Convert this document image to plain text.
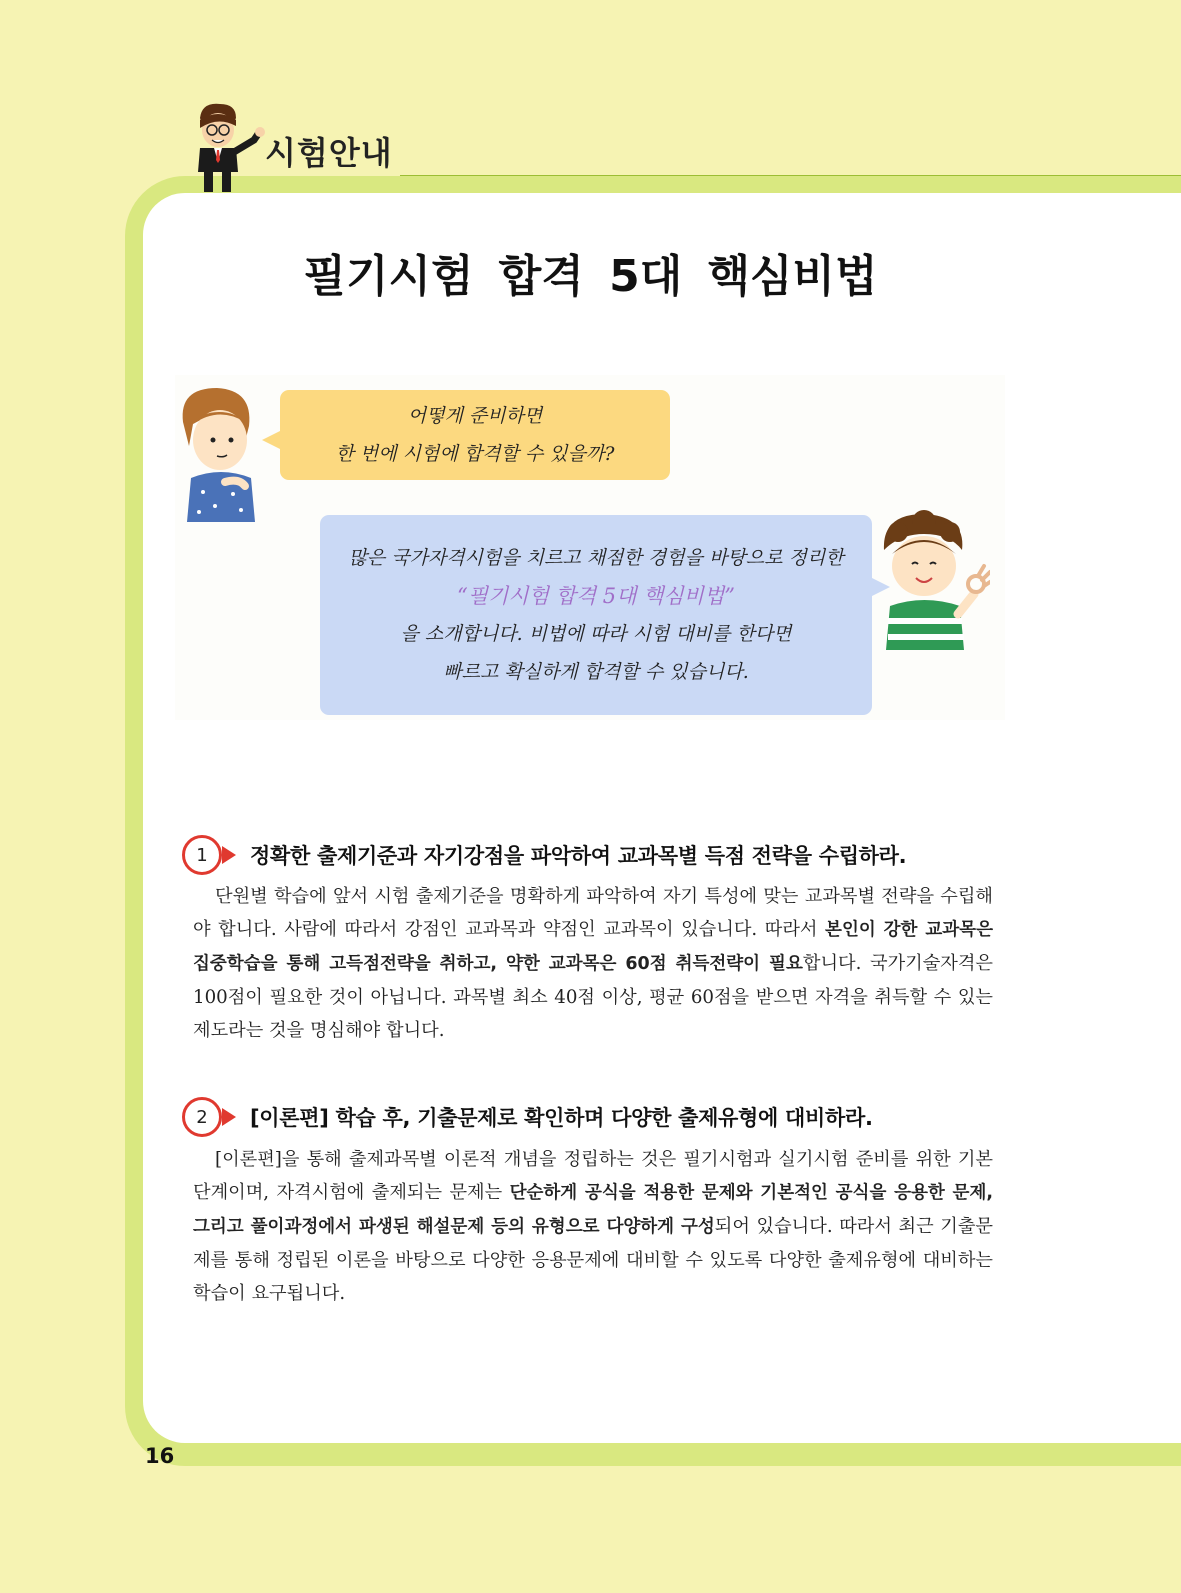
시험안내
필기시험 합격 5대 핵심비법
어떻게 준비하면
한 번에 시험에 합격할 수 있을까?
많은 국가자격시험을 치르고 채점한 경험을 바탕으로 정리한
“필기시험 합격 5대 핵심비법”
을 소개합니다. 비법에 따라 시험 대비를 한다면
빠르고 확실하게 합격할 수 있습니다.
1	정확한 출제기준과 자기강점을 파악하여 교과목별 득점 전략을 수립하라.
단원별 학습에 앞서 시험 출제기준을 명확하게 파악하여 자기 특성에 맞는 교과목별 전략을 수립해야 합니다. 사람에 따라서 강점인 교과목과 약점인 교과목이 있습니다. 따라서 본인이 강한 교과목은 집중학습을 통해 고득점전략을 취하고, 약한 교과목은 60점 취득전략이 필요합니다. 국가기술자격은 100점이 필요한 것이 아닙니다. 과목별 최소 40점 이상, 평균 60점을 받으면 자격을 취득할 수 있는 제도라는 것을 명심해야 합니다.
2	[이론편] 학습 후, 기출문제로 확인하며 다양한 출제유형에 대비하라.
[이론편]을 통해 출제과목별 이론적 개념을 정립하는 것은 필기시험과 실기시험 준비를 위한 기본단계이며, 자격시험에 출제되는 문제는 단순하게 공식을 적용한 문제와 기본적인 공식을 응용한 문제, 그리고 풀이과정에서 파생된 해설문제 등의 유형으로 다양하게 구성되어 있습니다. 따라서 최근 기출문제를 통해 정립된 이론을 바탕으로 다양한 응용문제에 대비할 수 있도록 다양한 출제유형에 대비하는 학습이 요구됩니다.
16
